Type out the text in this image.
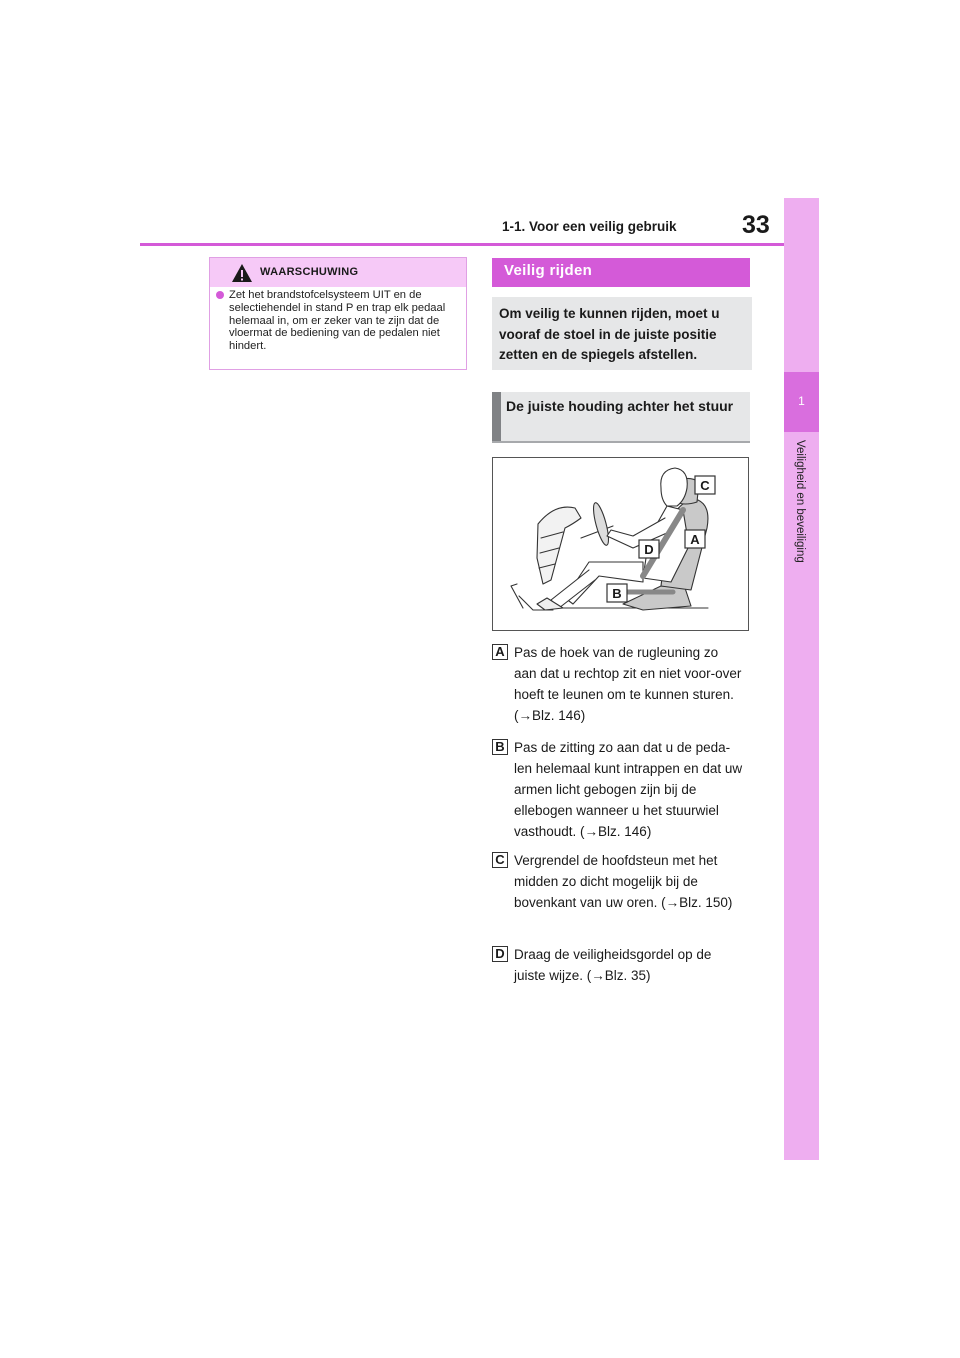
1-1. Voor een veilig gebruik	33
1
Veiligheid en beveiliging
WAARSCHUWING
Zet het brandstofcelsysteem UIT en de selectiehendel in stand P en trap elk pedaal helemaal in, om er zeker van te zijn dat de vloermat de bediening van de pedalen niet hindert.
Veilig rijden
Om veilig te kunnen rijden, moet u vooraf de stoel in de juiste positie zetten en de spiegels afstellen.
De juiste houding achter het stuur
C
A
D
B
A Pas de hoek van de rugleuning zo
aan dat u rechtop zit en niet voor-over hoeft te leunen om te kunnen sturen. (→Blz. 146)
B Pas de zitting zo aan dat u de peda-
len helemaal kunt intrappen en dat uw armen licht gebogen zijn bij de ellebogen wanneer u het stuurwiel vasthoudt. (→Blz. 146)
C Vergrendel de hoofdsteun met het
midden zo dicht mogelijk bij de bovenkant van uw oren. (→Blz. 150)
D Draag de veiligheidsgordel op de
juiste wijze. (→Blz. 35)
